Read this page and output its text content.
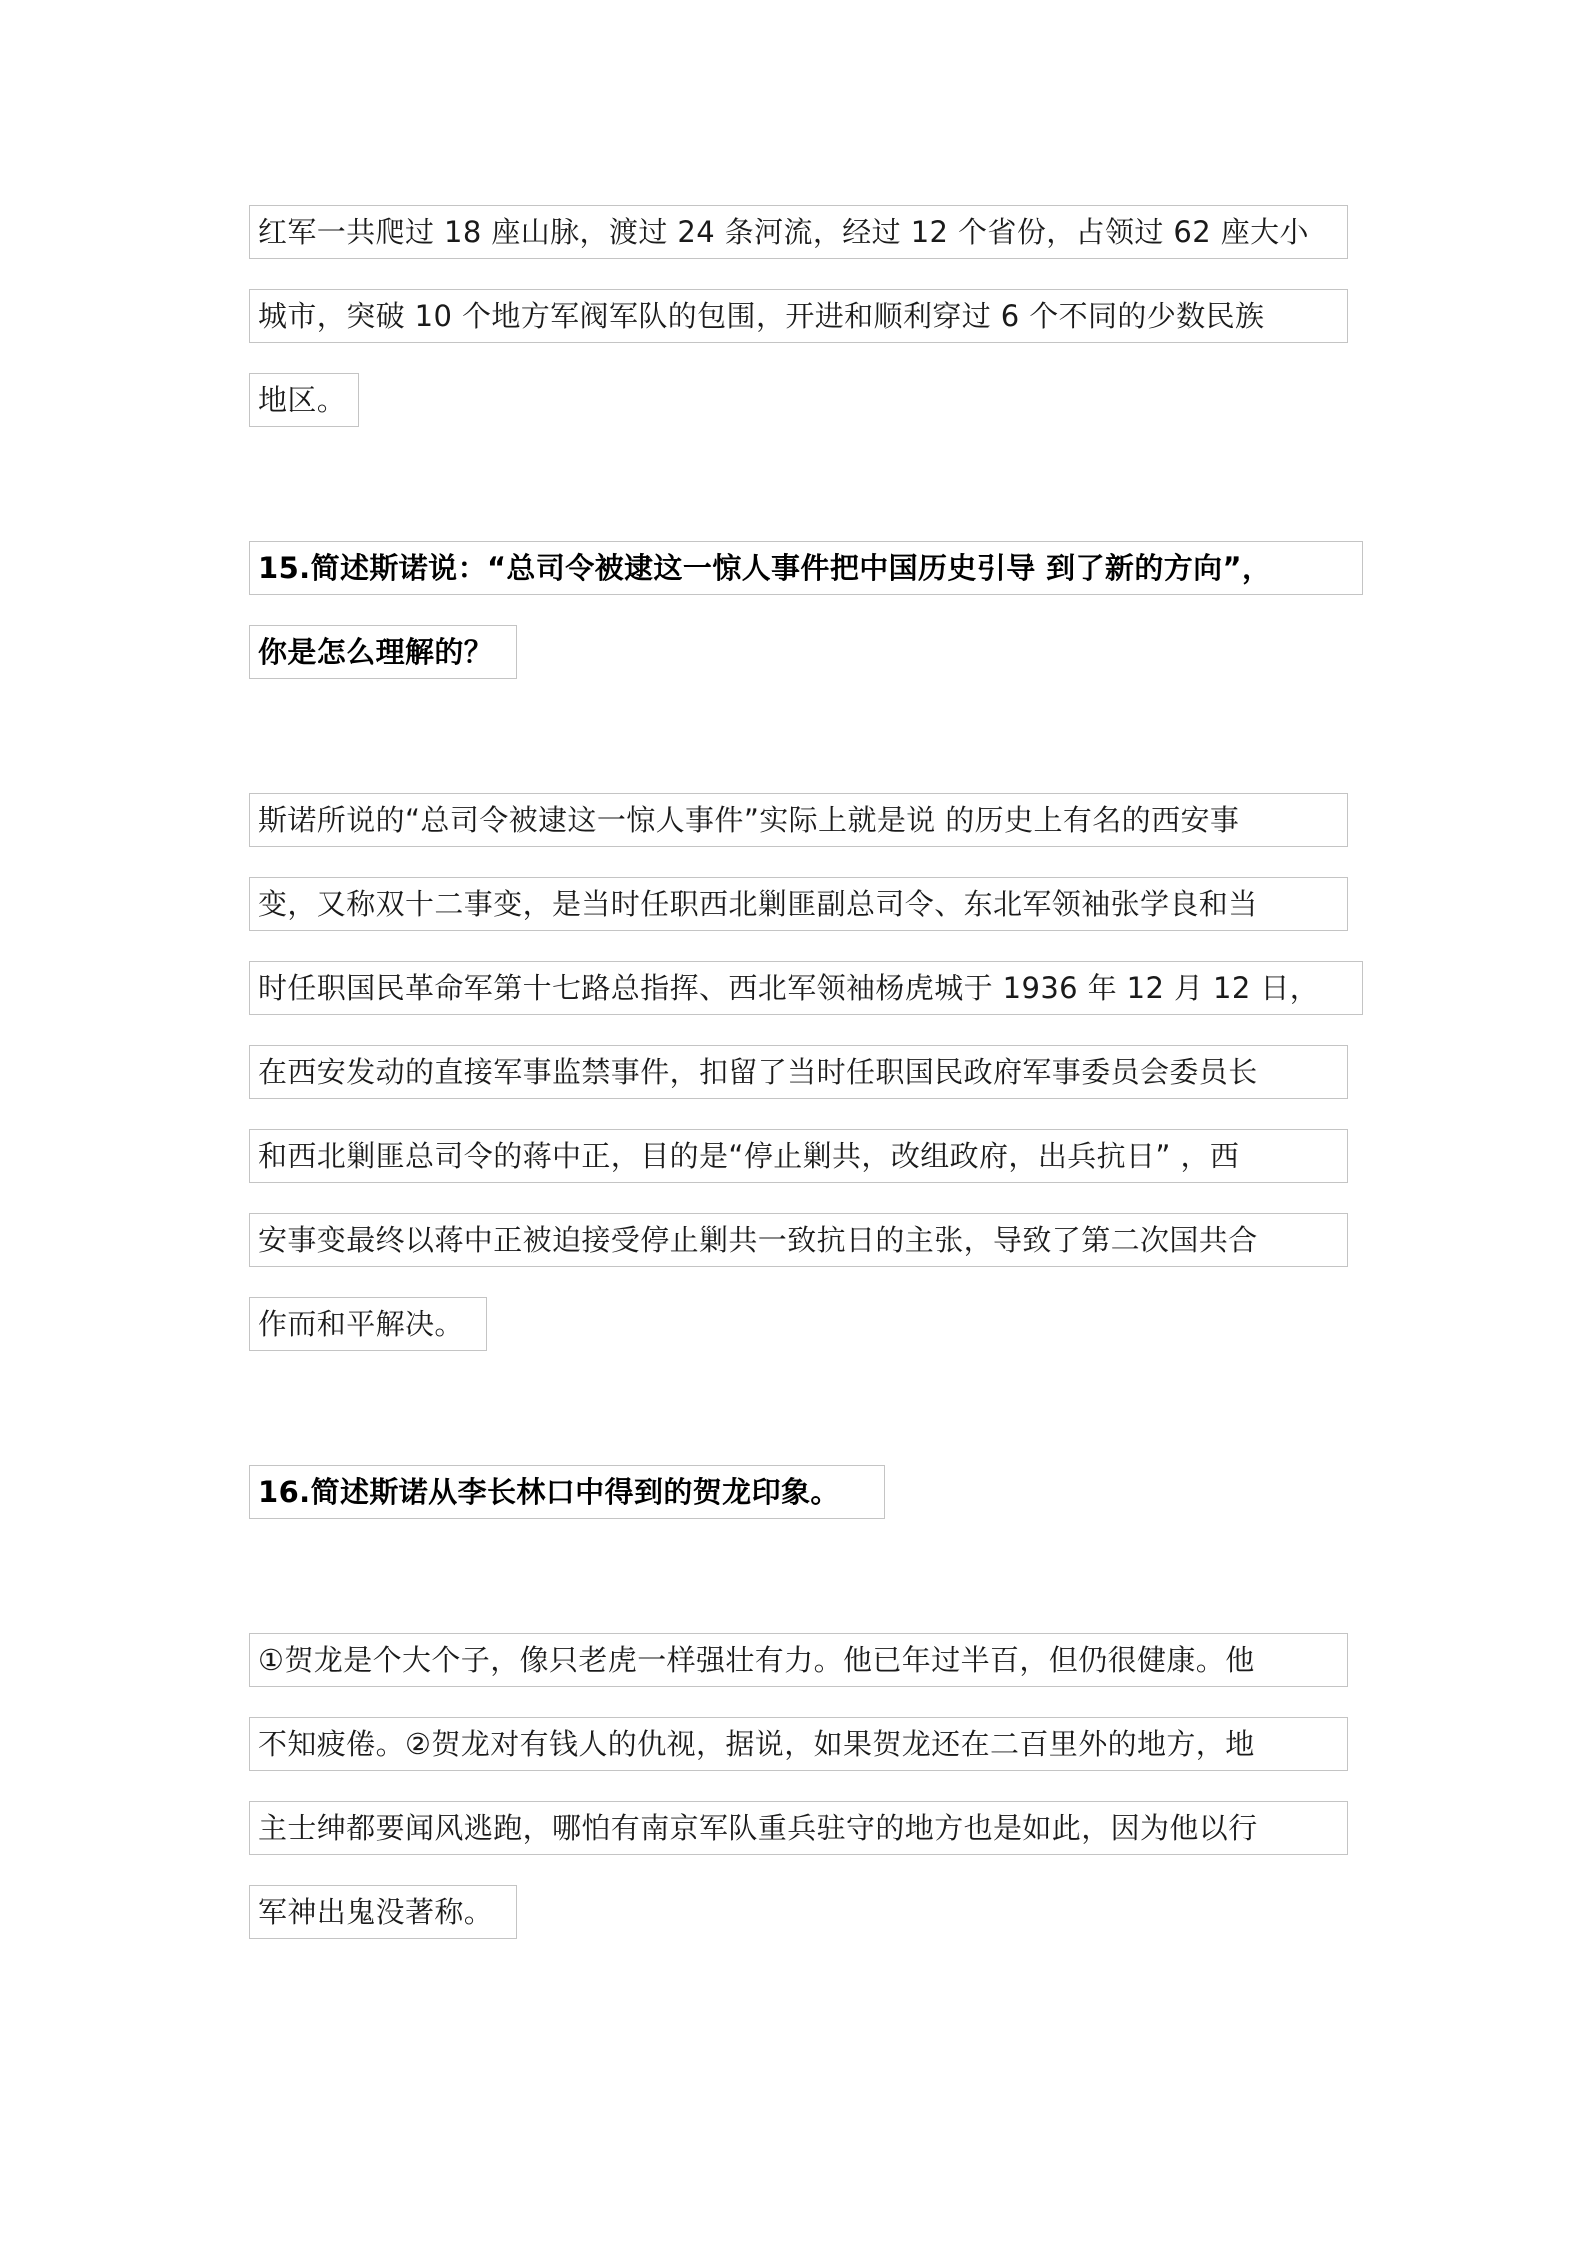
红军一共爬过 18 座山脉，渡过 24 条河流，经过 12 个省份，占领过 62 座大小
城市，突破 10 个地方军阀军队的包围，开进和顺利穿过 6 个不同的少数民族
地区。
15.简述斯诺说：“总司令被逮这一惊人事件把中国历史引导 到了新的方向”，
你是怎么理解的？
斯诺所说的“总司令被逮这一惊人事件”实际上就是说 的历史上有名的西安事
变，又称双十二事变，是当时任职西北剿匪副总司令、东北军领袖张学良和当
时任职国民革命军第十七路总指挥、西北军领袖杨虎城于 1936 年 12 月 12 日，
在西安发动的直接军事监禁事件，扣留了当时任职国民政府军事委员会委员长
和西北剿匪总司令的蒋中正，目的是“停止剿共，改组政府，出兵抗日” ，西
安事变最终以蒋中正被迫接受停止剿共一致抗日的主张，导致了第二次国共合
作而和平解决。
16.简述斯诺从李长林口中得到的贺龙印象。
①贺龙是个大个子，像只老虎一样强壮有力。他已年过半百，但仍很健康。他
不知疲倦。②贺龙对有钱人的仇视，据说，如果贺龙还在二百里外的地方，地
主士绅都要闻风逃跑，哪怕有南京军队重兵驻守的地方也是如此，因为他以行
军神出鬼没著称。
